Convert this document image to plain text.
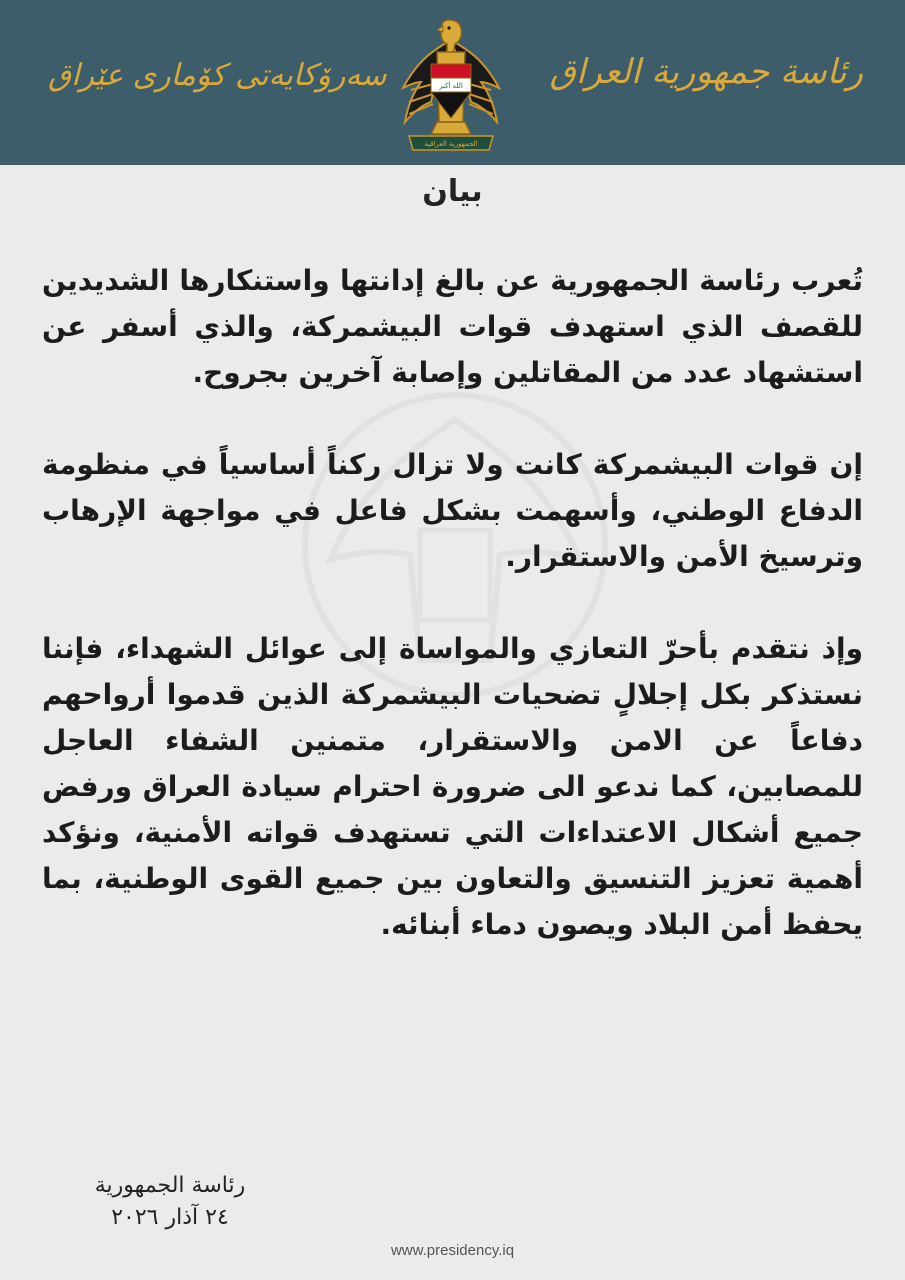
رئاسة جمهورية العراق
الله أكبر
الجمهورية العراقية
سەرۆکایەتی کۆماری عێراق
بيان

تُعرب رئاسة الجمهورية عن بالغ إدانتها واستنكارها الشديدين للقصف الذي استهدف قوات البيشمركة، والذي أسفر عن استشهاد عدد من المقاتلين وإصابة آخرين بجروح.

إن قوات البيشمركة كانت ولا تزال ركناً أساسياً في منظومة الدفاع الوطني، وأسهمت بشكل فاعل في مواجهة الإرهاب وترسيخ الأمن والاستقرار.

وإذ نتقدم بأحرّ التعازي والمواساة إلى عوائل الشهداء، فإننا نستذكر بكل إجلالٍ تضحيات البيشمركة الذين قدموا أرواحهم دفاعاً عن الامن والاستقرار، متمنين الشفاء العاجل للمصابين، كما ندعو الى ضرورة احترام سيادة العراق ورفض جميع أشكال الاعتداءات التي تستهدف قواته الأمنية، ونؤكد أهمية تعزيز التنسيق والتعاون بين جميع القوى الوطنية، بما يحفظ أمن البلاد ويصون دماء أبنائه.

رئاسة الجمهورية
٢٤ آذار ٢٠٢٦
www.presidency.iq
